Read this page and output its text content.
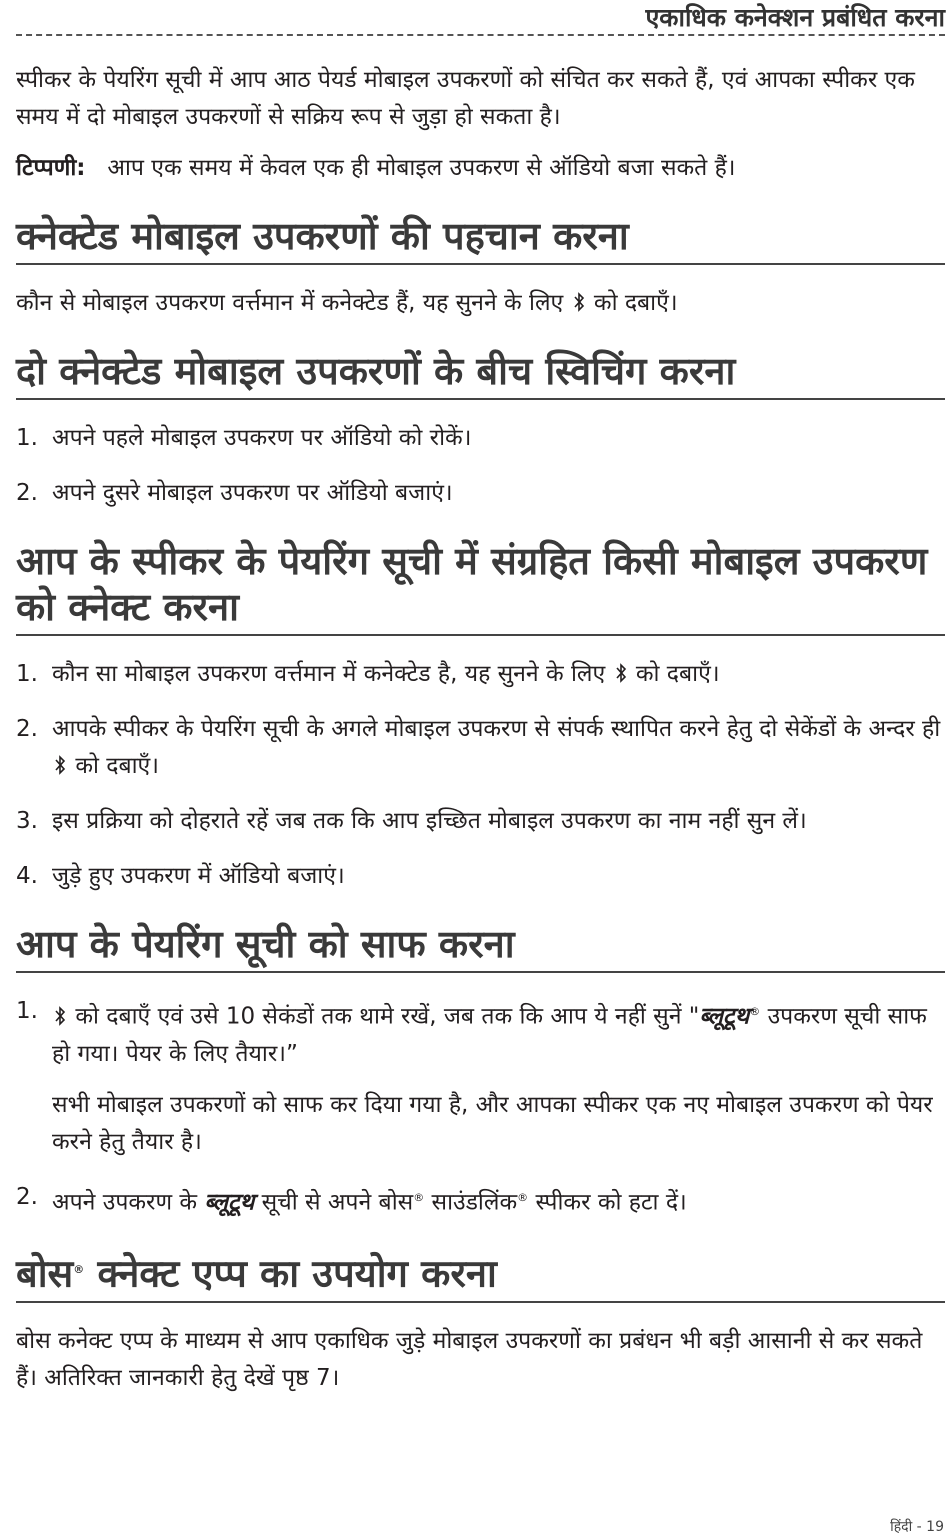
एकाधिक कनेक्शन प्रबंधित करना

स्पीकर के पेयरिंग सूची में आप आठ पेयर्ड मोबाइल उपकरणों को संचित कर सकते हैं, एवं आपका स्पीकर एक समय में दो मोबाइल उपकरणों से सक्रिय रूप से जुड़ा हो सकता है।

टिप्पणी: आप एक समय में केवल एक ही मोबाइल उपकरण से ऑडियो बजा सकते हैं।

क्नेक्टेड मोबाइल उपकरणों की पहचान करना

कौन से मोबाइल उपकरण वर्त्तमान में कनेक्टेड हैं, यह सुनने के लिए को दबाएँ।

दो क्नेक्टेड मोबाइल उपकरणों के बीच स्विचिंग करना
1. अपने पहले मोबाइल उपकरण पर ऑडियो को रोकें।
2. अपने दुसरे मोबाइल उपकरण पर ऑडियो बजाएं।
आप के स्पीकर के पेयरिंग सूची में संग्रहित किसी मोबाइल उपकरण को क्नेक्ट करना
1. कौन सा मोबाइल उपकरण वर्त्तमान में कनेक्टेड है, यह सुनने के लिए को दबाएँ।
2. आपके स्पीकर के पेयरिंग सूची के अगले मोबाइल उपकरण से संपर्क स्थापित करने हेतु दो सेकेंडों के अन्दर ही  को दबाएँ।
3. इस प्रक्रिया को दोहराते रहें जब तक कि आप इच्छित मोबाइल उपकरण का नाम नहीं सुन लें।
4. जुड़े हुए उपकरण में ऑडियो बजाएं।
आप के पेयरिंग सूची को साफ करना
1.	को दबाएँ एवं उसे 10 सेकंडों तक थामे रखें, जब तक कि आप ये नहीं सुनें "ब्लूटूथ® उपकरण सूची साफ हो गया। पेयर के लिए तैयार।”
सभी मोबाइल उपकरणों को साफ कर दिया गया है, और आपका स्पीकर एक नए मोबाइल उपकरण को पेयर करने हेतु तैयार है।
2. अपने उपकरण के ब्लूटूथ सूची से अपने बोस® साउंडलिंक® स्पीकर को हटा दें।
बोस® क्नेक्ट एप्प का उपयोग करना

बोस कनेक्ट एप्प के माध्यम से आप एकाधिक जुड़े मोबाइल उपकरणों का प्रबंधन भी बड़ी आसानी से कर सकते हैं। अतिरिक्त जानकारी हेतु देखें पृष्ठ 7।

हिंदी - 19
